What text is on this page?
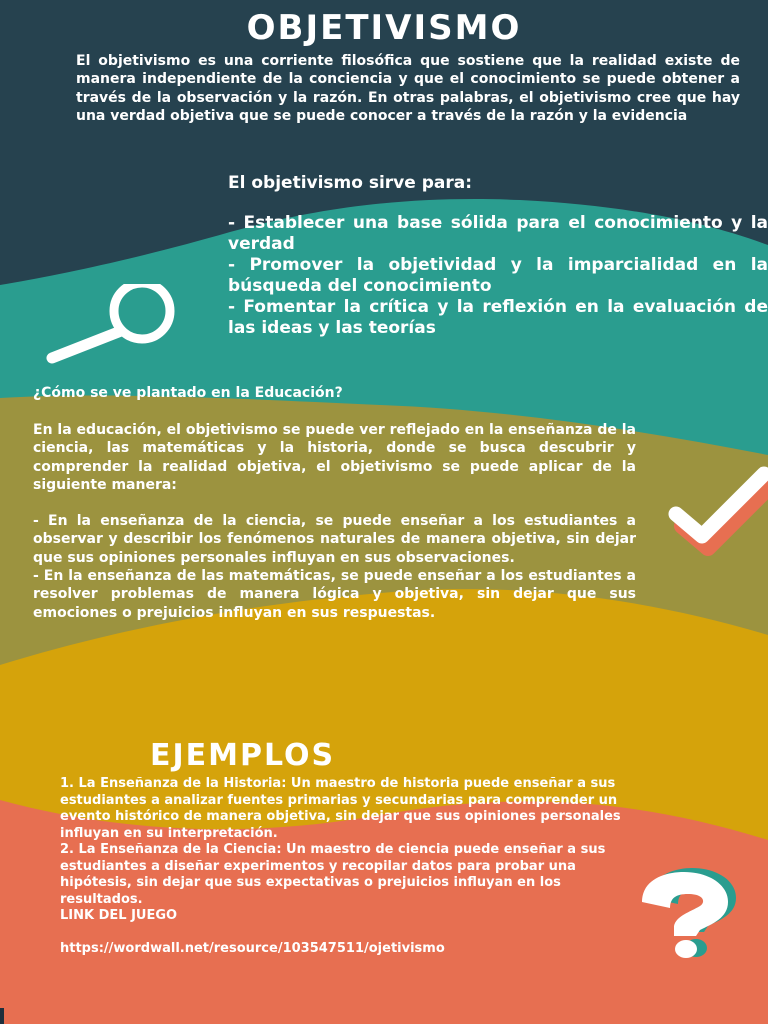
OBJETIVISMO
El objetivismo es una corriente filosófica que sostiene que la realidad existe de manera independiente de la conciencia y que el conocimiento se puede obtener a través de la observación y la razón. En otras palabras, el objetivismo cree que hay una verdad objetiva que se puede conocer a través de la razón y la evidencia
El objetivismo sirve para:

- Establecer una base sólida para el conocimiento y la verdad

- Promover la objetividad y la imparcialidad en la búsqueda del conocimiento

- Fomentar la crítica y la reflexión en la evaluación de las ideas y las teorías

¿Cómo se ve plantado en la Educación?

En la educación, el objetivismo se puede ver reflejado en la enseñanza de la ciencia, las matemáticas y la historia, donde se busca descubrir y comprender la realidad objetiva, el objetivismo se puede aplicar de la siguiente manera:

- En la enseñanza de la ciencia, se puede enseñar a los estudiantes a observar y describir los fenómenos naturales de manera objetiva, sin dejar que sus opiniones personales influyan en sus observaciones.

- En la enseñanza de las matemáticas, se puede enseñar a los estudiantes a resolver problemas de manera lógica y objetiva, sin dejar que sus emociones o prejuicios influyan en sus respuestas.

EJEMPLOS

1. La Enseñanza de la Historia: Un maestro de historia puede enseñar a sus estudiantes a analizar fuentes primarias y secundarias para comprender un evento histórico de manera objetiva, sin dejar que sus opiniones personales influyan en su interpretación.

2. La Enseñanza de la Ciencia: Un maestro de ciencia puede enseñar a sus estudiantes a diseñar experimentos y recopilar datos para probar una hipótesis, sin dejar que sus expectativas o prejuicios influyan en los resultados.

LINK DEL JUEGO

https://wordwall.net/resource/103547511/ojetivismo
